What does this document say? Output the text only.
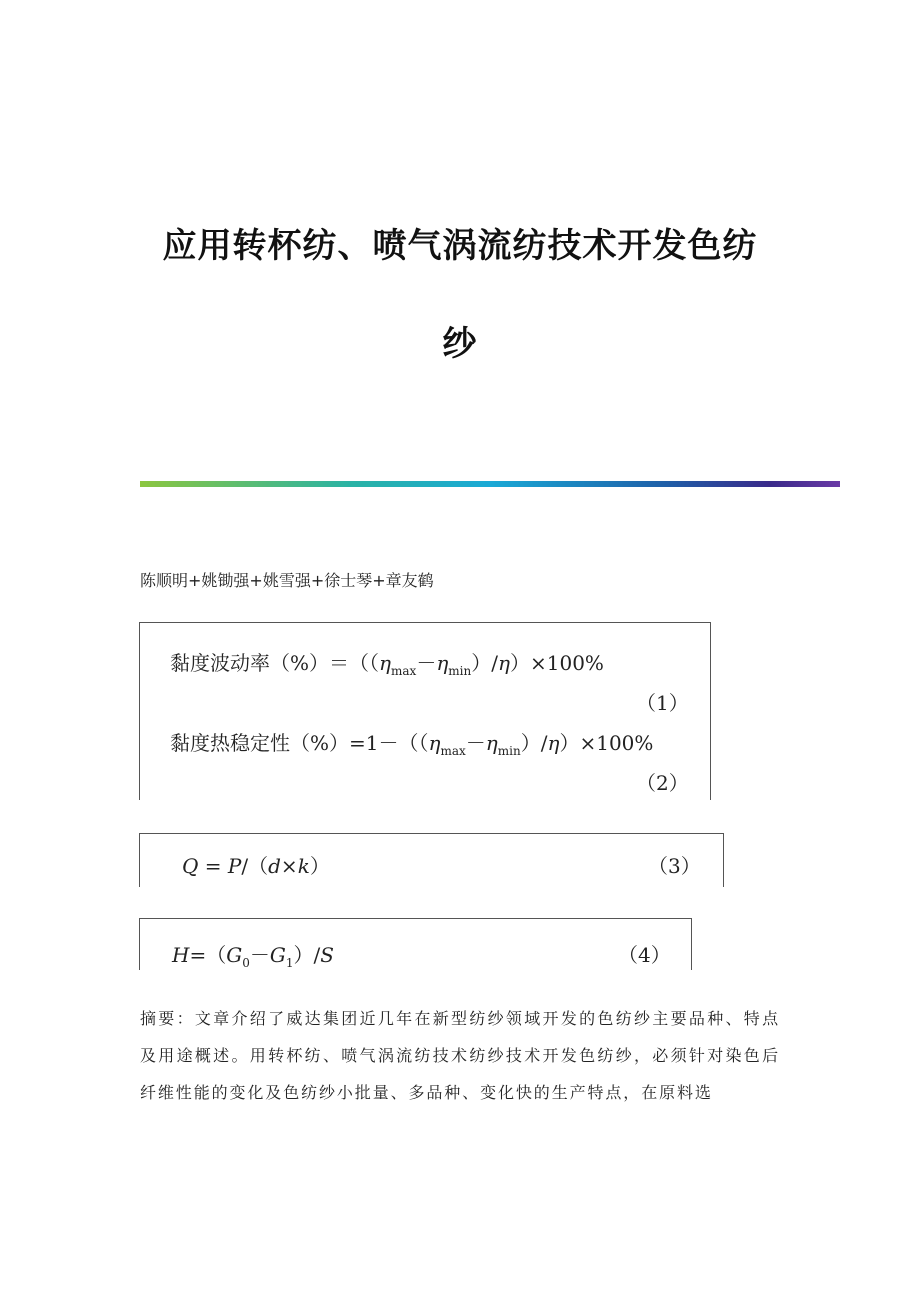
应用转杯纺、喷气涡流纺技术开发色纺
纱
陈顺明+姚锄强+姚雪强+徐士琴+章友鹤
黏度波动率$(\%)=((\eta_{max}-\eta_{min})/\eta)\times 100\%$
（1）
黏度热稳定性$(\%)=1-((\eta_{max}-\eta_{min})/\eta)\times 100\%$
（2）
Q = P/（d×k）	（3）
$H=(G_0-G_1)/S$	（4）
摘要：文章介绍了威达集团近几年在新型纺纱领域开发的色纺纱主要品种、特点及用途概述。用转杯纺、喷气涡流纺技术纺纱技术开发色纺纱，必须针对染色后纤维性能的变化及色纺纱小批量、多品种、变化快的生产特点，在原料选
